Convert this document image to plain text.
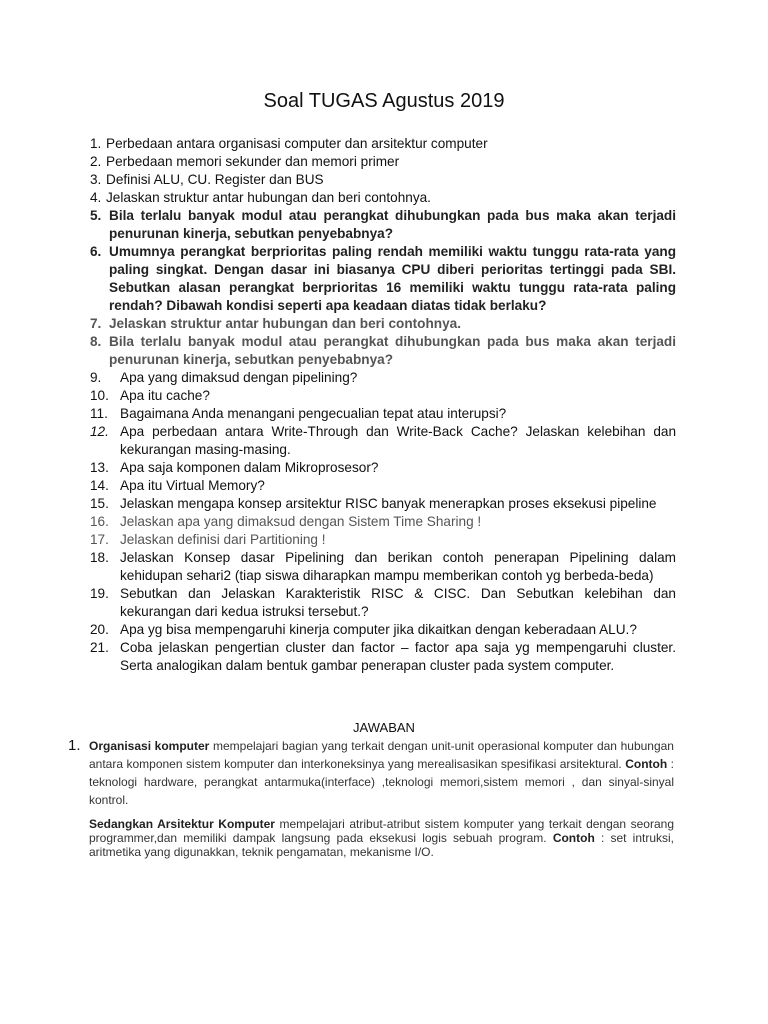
Soal TUGAS Agustus 2019
1. Perbedaan antara organisasi computer dan arsitektur computer
2. Perbedaan memori sekunder dan memori primer
3. Definisi ALU, CU. Register dan BUS
4. Jelaskan struktur antar hubungan dan beri contohnya.
5. Bila terlalu banyak modul atau perangkat dihubungkan pada bus maka akan terjadi penurunan kinerja, sebutkan penyebabnya?
6. Umumnya perangkat berprioritas paling rendah memiliki waktu tunggu rata-rata yang paling singkat. Dengan dasar ini biasanya CPU diberi perioritas tertinggi pada SBI. Sebutkan alasan perangkat berprioritas 16 memiliki waktu tunggu rata-rata paling rendah? Dibawah kondisi seperti apa keadaan diatas tidak berlaku?
7. Jelaskan struktur antar hubungan dan beri contohnya.
8. Bila terlalu banyak modul atau perangkat dihubungkan pada bus maka akan terjadi penurunan kinerja, sebutkan penyebabnya?
9.	Apa yang dimaksud dengan pipelining?
10. Apa itu cache?
11. Bagaimana Anda menangani pengecualian tepat atau interupsi?
12. Apa perbedaan antara Write-Through dan Write-Back Cache? Jelaskan kelebihan dan kekurangan masing-masing.
13. Apa saja komponen dalam Mikroprosesor?
14. Apa itu Virtual Memory?
15. Jelaskan mengapa konsep arsitektur RISC banyak menerapkan proses eksekusi pipeline
16. Jelaskan apa yang dimaksud dengan Sistem Time Sharing !
17. Jelaskan definisi dari Partitioning !
18. Jelaskan Konsep dasar Pipelining dan berikan contoh penerapan Pipelining dalam kehidupan sehari2 (tiap siswa diharapkan mampu memberikan contoh yg berbeda-beda)
19. Sebutkan dan Jelaskan Karakteristik RISC & CISC. Dan Sebutkan kelebihan dan kekurangan dari kedua istruksi tersebut.?
20. Apa yg bisa mempengaruhi kinerja computer jika dikaitkan dengan keberadaan ALU.?
21. Coba jelaskan pengertian cluster dan factor – factor apa saja yg mempengaruhi cluster. Serta analogikan dalam bentuk gambar penerapan cluster pada system computer.
JAWABAN
1. Organisasi komputer mempelajari bagian yang terkait dengan unit-unit operasional komputer dan hubungan antara komponen sistem komputer dan interkoneksinya yang merealisasikan spesifikasi arsitektural. Contoh : teknologi hardware, perangkat antarmuka(interface) ,teknologi memori,sistem memori , dan sinyal-sinyal kontrol.
Sedangkan Arsitektur Komputer mempelajari atribut-atribut sistem komputer yang terkait dengan seorang programmer,dan memiliki dampak langsung pada eksekusi logis sebuah program. Contoh : set intruksi, aritmetika yang digunakkan, teknik pengamatan, mekanisme I/O.
